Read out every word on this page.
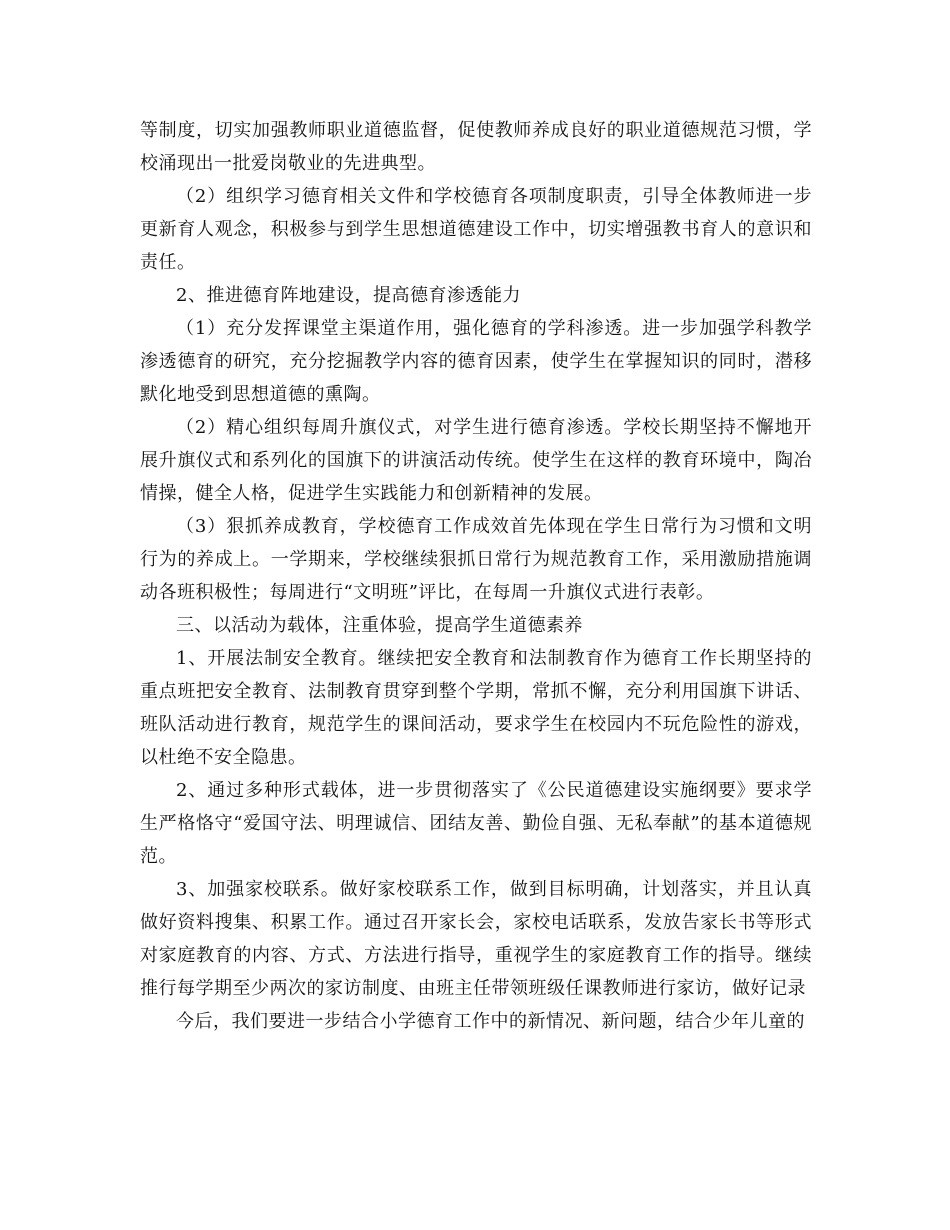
等制度，切实加强教师职业道德监督，促使教师养成良好的职业道德规范习惯，学校涌现出一批爱岗敬业的先进典型。

（2）组织学习德育相关文件和学校德育各项制度职责，引导全体教师进一步更新育人观念，积极参与到学生思想道德建设工作中，切实增强教书育人的意识和责任。

2、推进德育阵地建设，提高德育渗透能力

（1）充分发挥课堂主渠道作用，强化德育的学科渗透。进一步加强学科教学渗透德育的研究，充分挖掘教学内容的德育因素，使学生在掌握知识的同时，潜移默化地受到思想道德的熏陶。

（2）精心组织每周升旗仪式，对学生进行德育渗透。学校长期坚持不懈地开展升旗仪式和系列化的国旗下的讲演活动传统。使学生在这样的教育环境中，陶冶情操，健全人格，促进学生实践能力和创新精神的发展。

（3）狠抓养成教育，学校德育工作成效首先体现在学生日常行为习惯和文明行为的养成上。一学期来，学校继续狠抓日常行为规范教育工作，采用激励措施调动各班积极性；每周进行“文明班”评比，在每周一升旗仪式进行表彰。

三、以活动为载体，注重体验，提高学生道德素养

1、开展法制安全教育。继续把安全教育和法制教育作为德育工作长期坚持的重点班把安全教育、法制教育贯穿到整个学期，常抓不懈，充分利用国旗下讲话、班队活动进行教育，规范学生的课间活动，要求学生在校园内不玩危险性的游戏，以杜绝不安全隐患。

2、通过多种形式载体，进一步贯彻落实了《公民道德建设实施纲要》要求学生严格恪守“爱国守法、明理诚信、团结友善、勤俭自强、无私奉献”的基本道德规范。

3、加强家校联系。做好家校联系工作，做到目标明确，计划落实，并且认真做好资料搜集、积累工作。通过召开家长会，家校电话联系，发放告家长书等形式对家庭教育的内容、方式、方法进行指导，重视学生的家庭教育工作的指导。继续推行每学期至少两次的家访制度、由班主任带领班级任课教师进行家访，做好记录

今后，我们要进一步结合小学德育工作中的新情况、新问题，结合少年儿童的
